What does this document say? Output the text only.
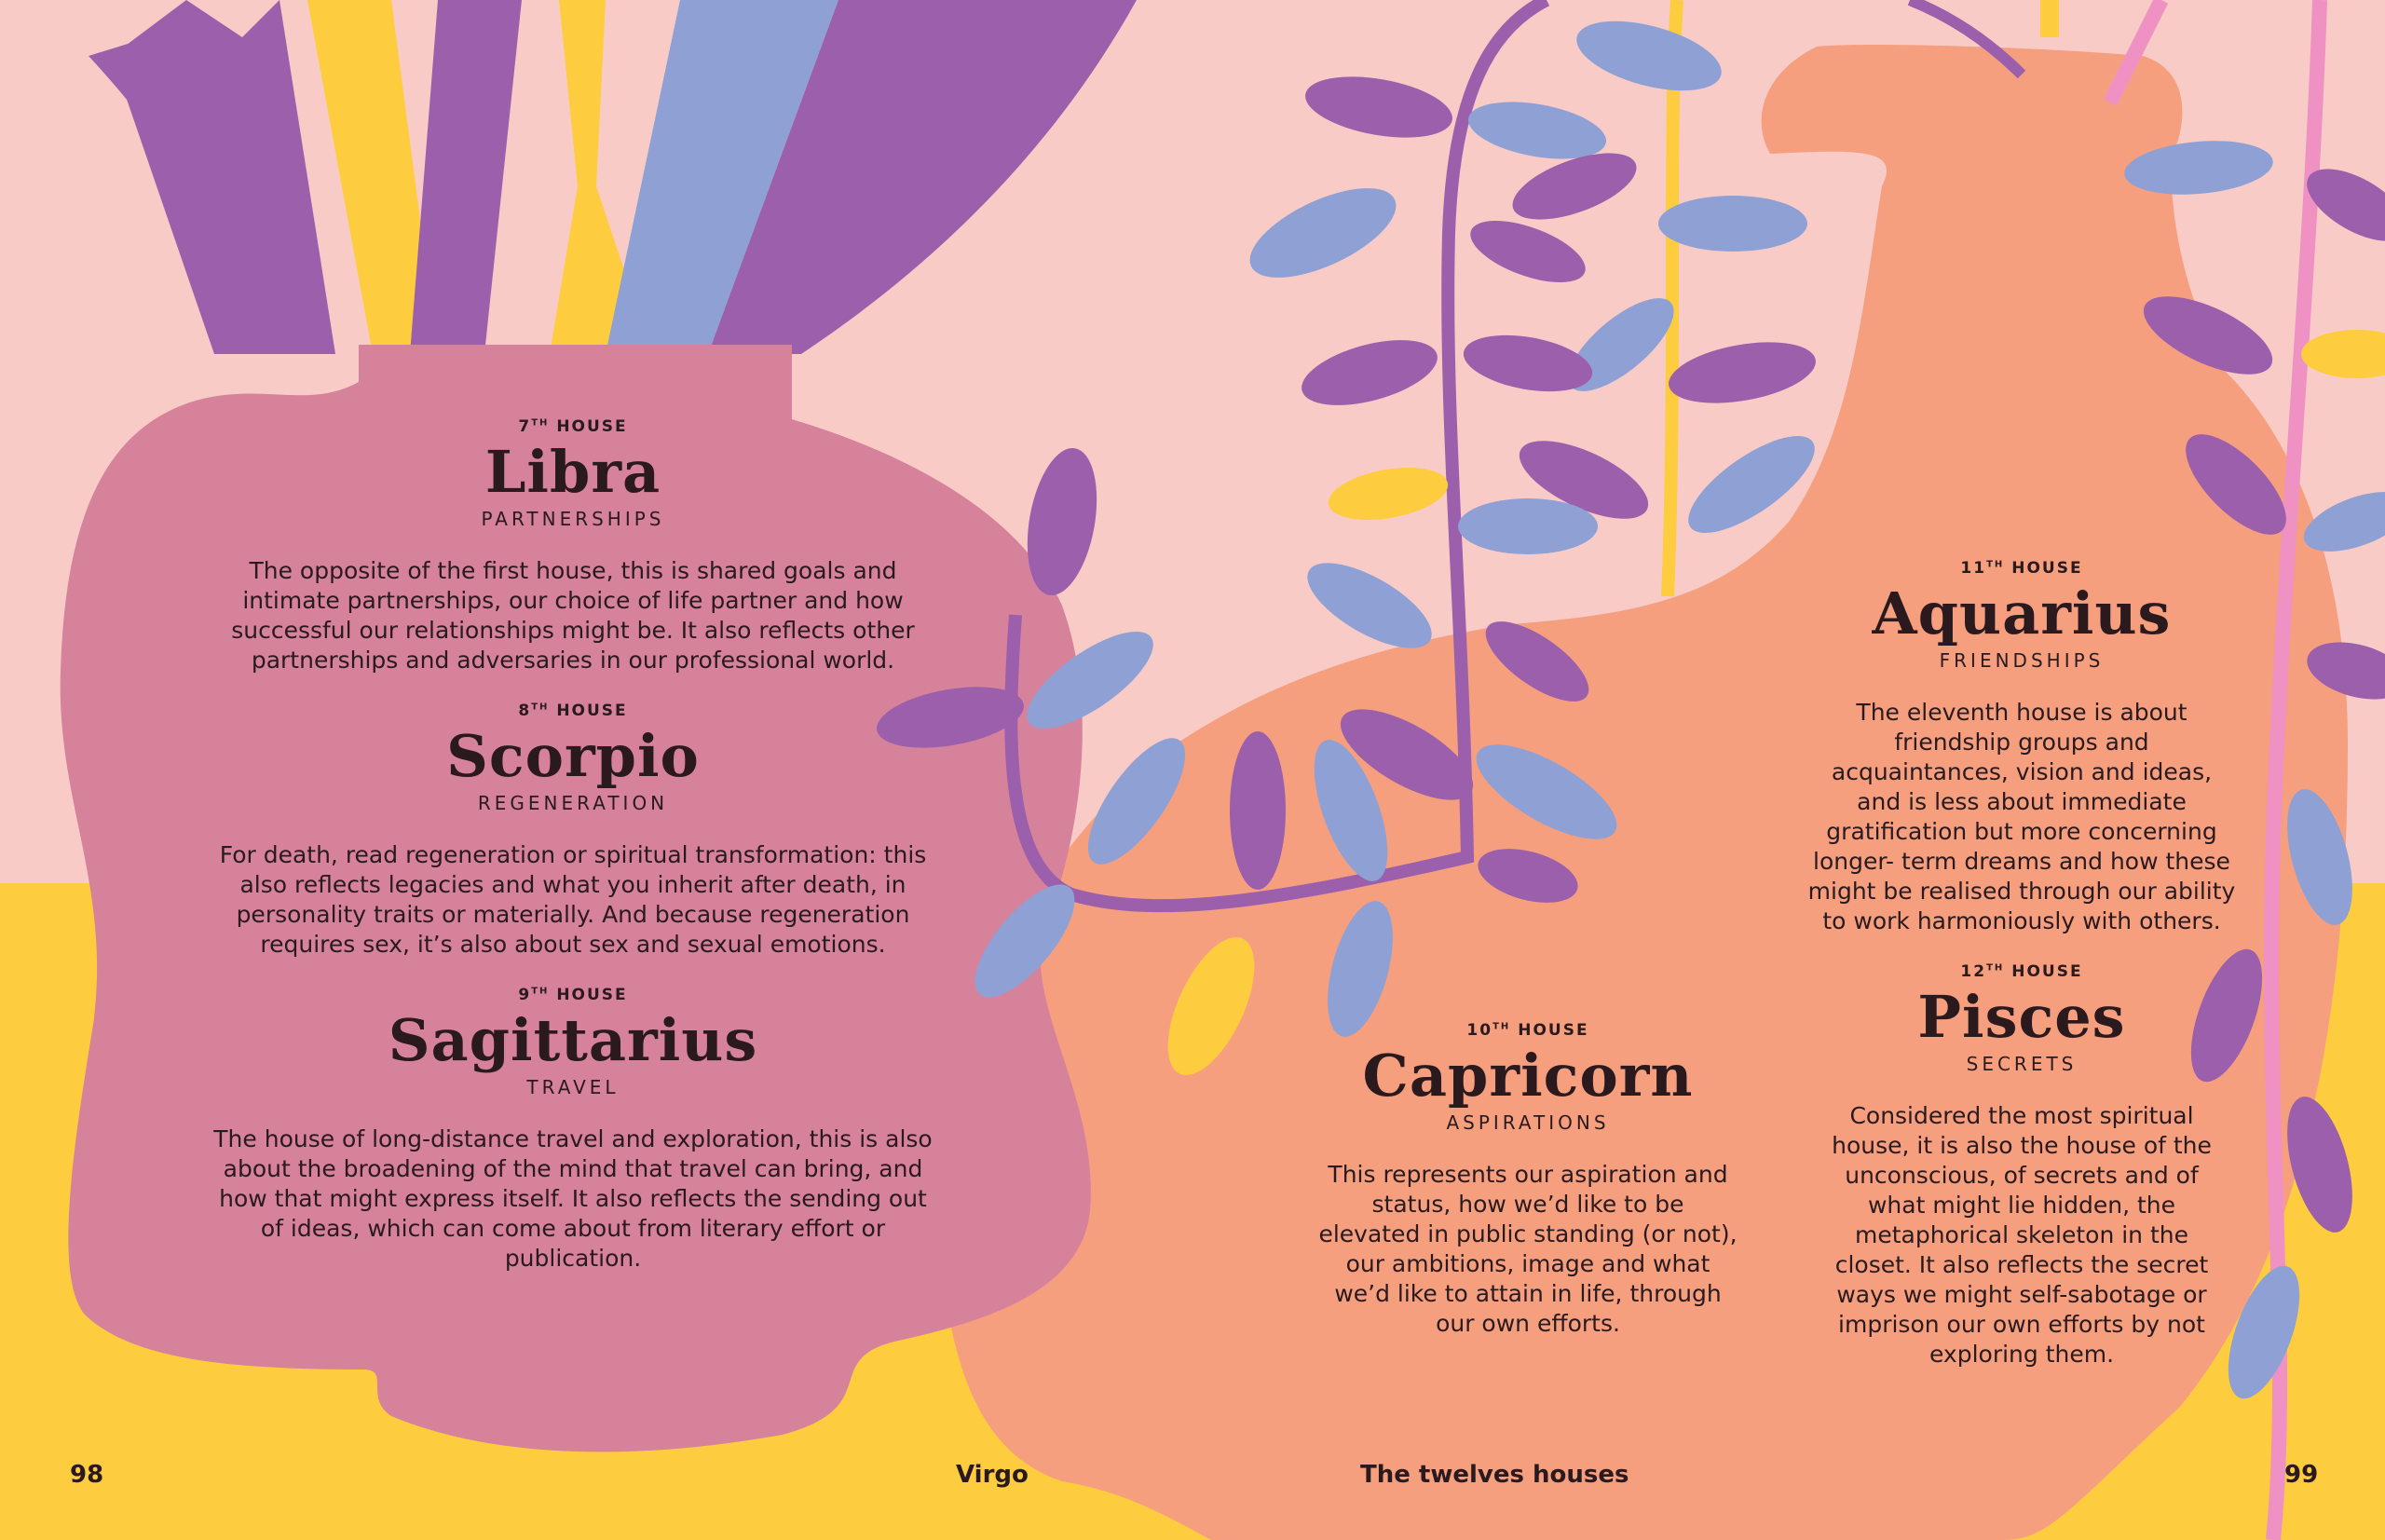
7TH HOUSE
Libra
PARTNERSHIPS
The opposite of the first house, this is shared goals and intimate partnerships, our choice of life partner and how successful our relationships might be. It also reflects other partnerships and adversaries in our professional world.
8TH HOUSE
Scorpio
REGENERATION
For death, read regeneration or spiritual transformation: this also reflects legacies and what you inherit after death, in personality traits or materially. And because regeneration requires sex, it’s also about sex and sexual emotions.
9TH HOUSE
Sagittarius
TRAVEL
The house of long-distance travel and exploration, this is also about the broadening of the mind that travel can bring, and how that might express itself. It also reflects the sending out of ideas, which can come about from literary effort or publication.
10TH HOUSE
Capricorn
ASPIRATIONS
This represents our aspiration and status, how we’d like to be elevated in public standing (or not), our ambitions, image and what we’d like to attain in life, through our own efforts.
11TH HOUSE
Aquarius
FRIENDSHIPS
The eleventh house is about friendship groups and acquaintances, vision and ideas, and is less about immediate gratification but more concerning longer- term dreams and how these might be realised through our ability to work harmoniously with others.
12TH HOUSE
Pisces
SECRETS
Considered the most spiritual house, it is also the house of the unconscious, of secrets and of what might lie hidden, the metaphorical skeleton in the closet. It also reflects the secret ways we might self-sabotage or imprison our own efforts by not exploring them.
98	Virgo	The twelves houses	99
